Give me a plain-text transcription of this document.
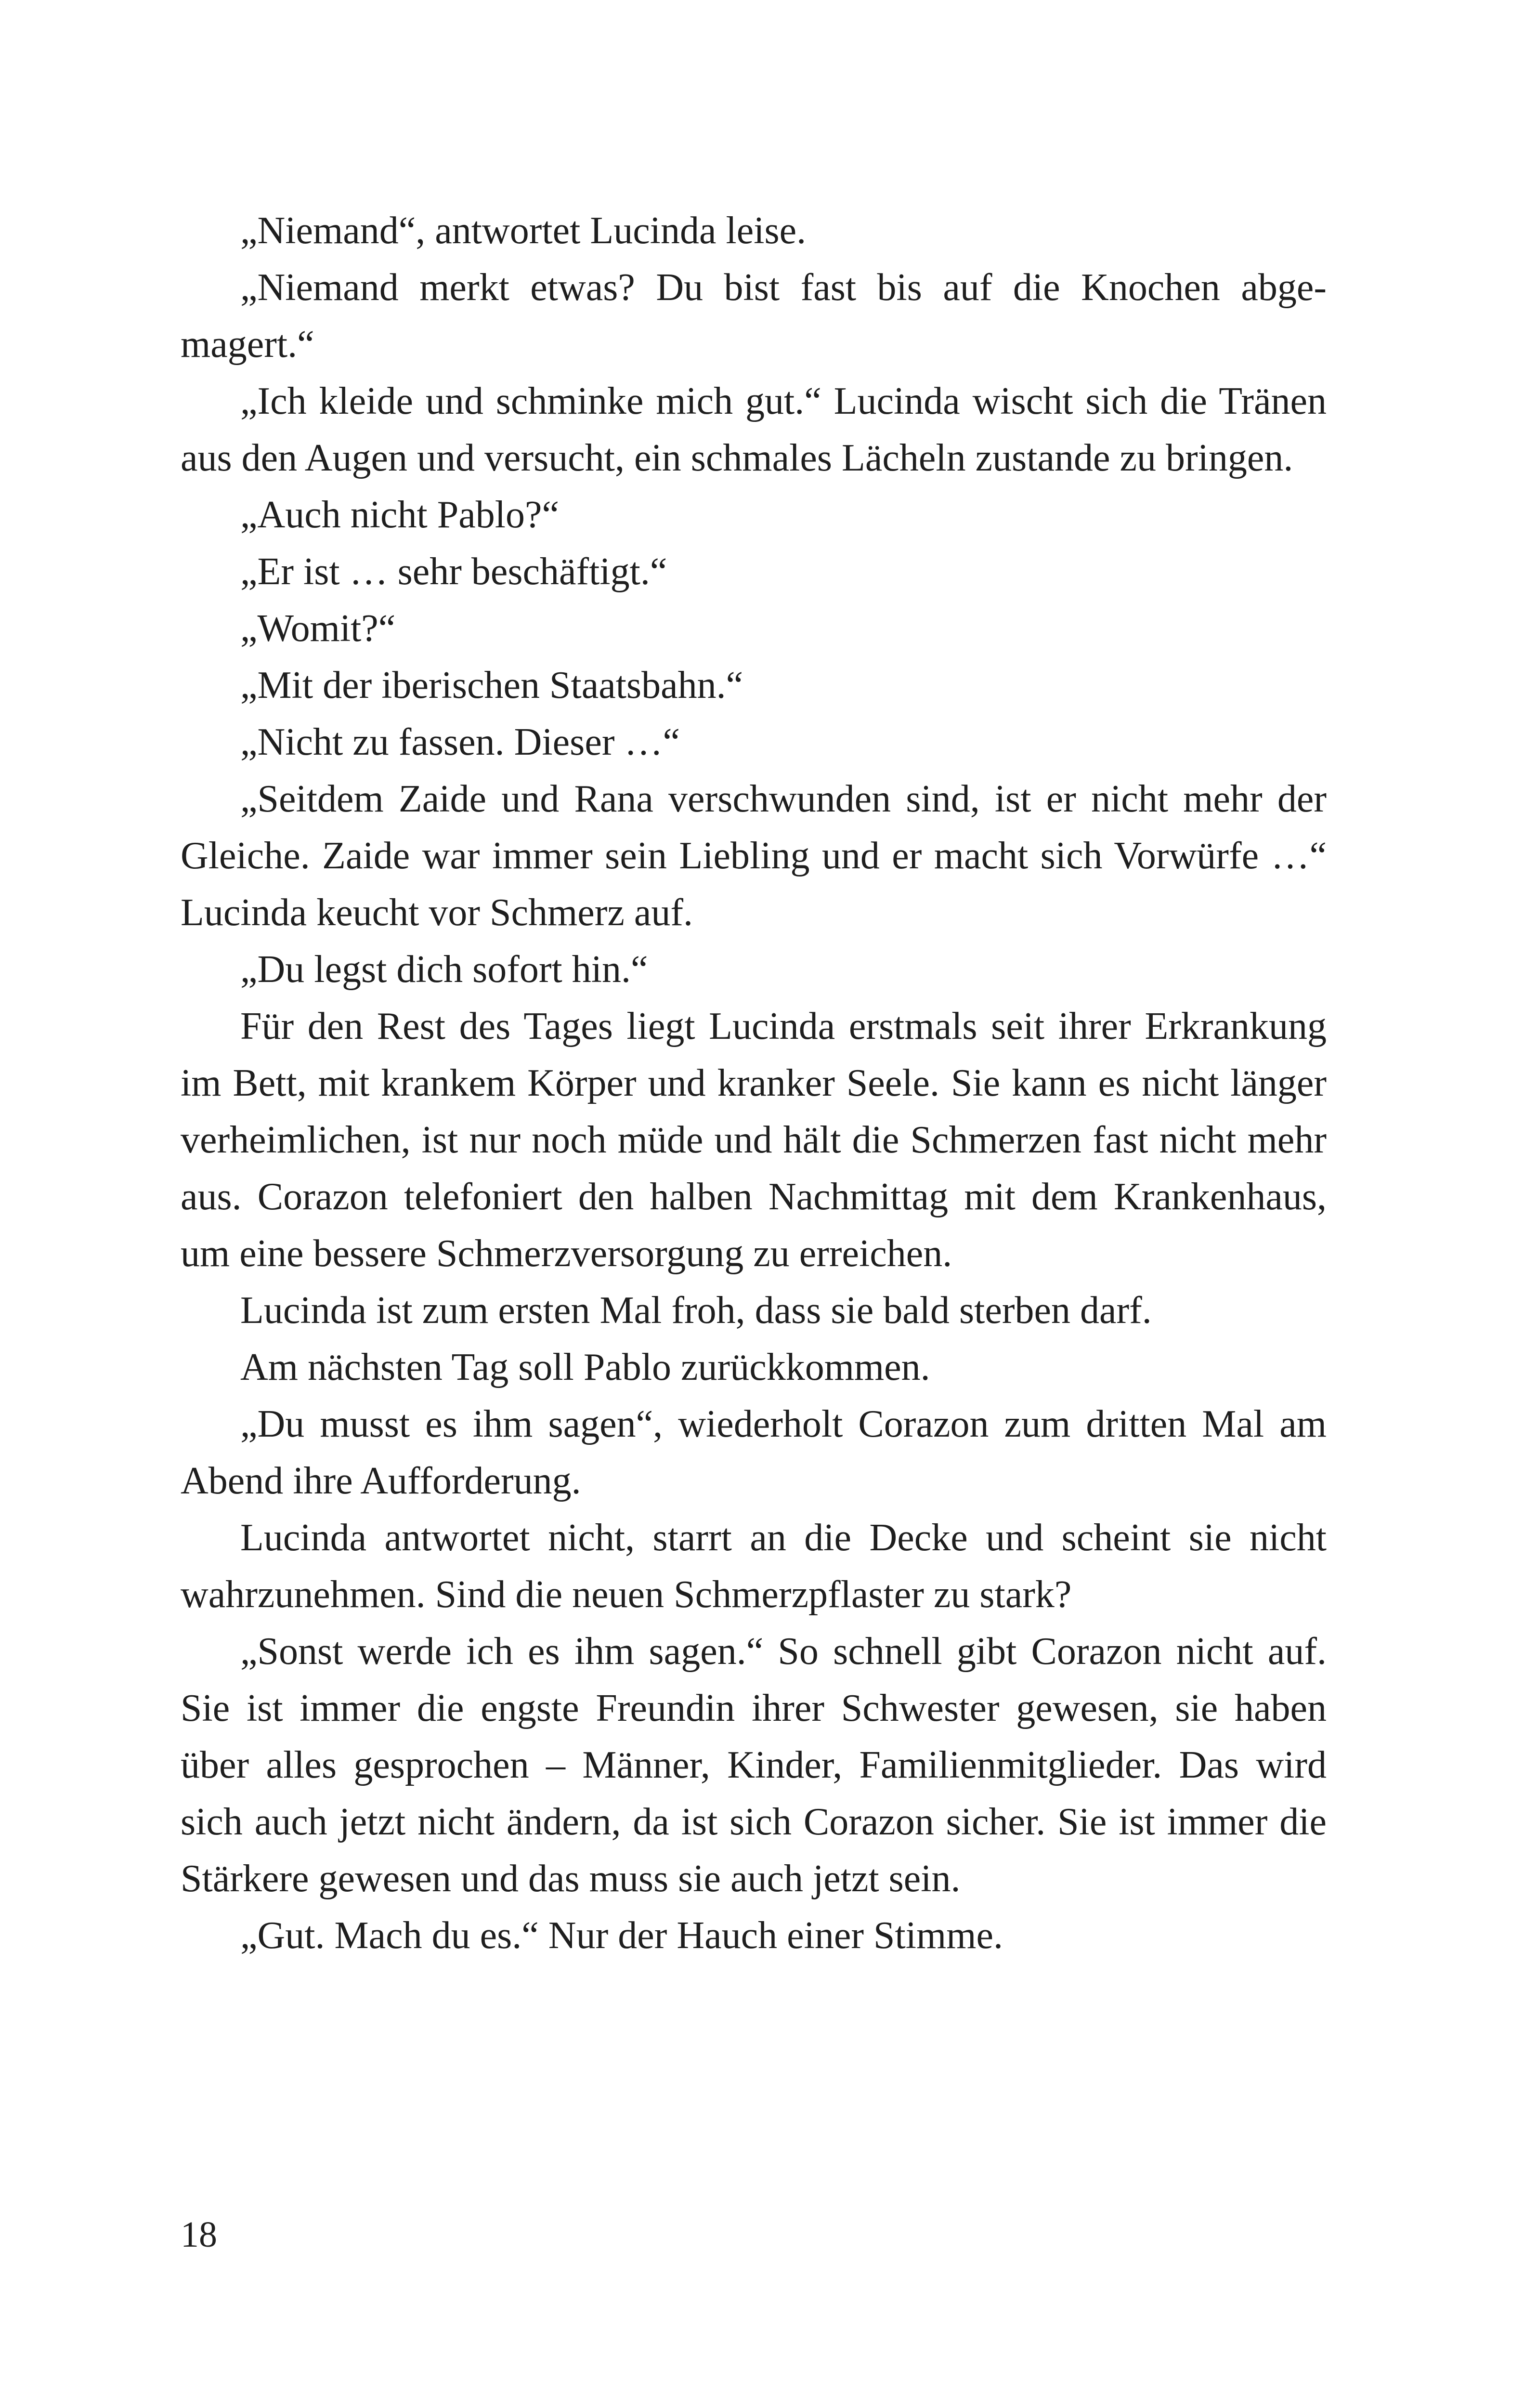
„Niemand“, antwortet Lucinda leise.

„Niemand merkt etwas? Du bist fast bis auf die Knochen abgemagert.“

„Ich kleide und schminke mich gut.“ Lucinda wischt sich die Tränen aus den Augen und versucht, ein schmales Lächeln zustande zu bringen.

„Auch nicht Pablo?“

„Er ist … sehr beschäftigt.“

„Womit?“

„Mit der iberischen Staatsbahn.“

„Nicht zu fassen. Dieser …“

„Seitdem Zaide und Rana verschwunden sind, ist er nicht mehr der Gleiche. Zaide war immer sein Liebling und er macht sich Vorwürfe …“ Lucinda keucht vor Schmerz auf.

„Du legst dich sofort hin.“

Für den Rest des Tages liegt Lucinda erstmals seit ihrer Erkrankung im Bett, mit krankem Körper und kranker Seele. Sie kann es nicht länger verheimlichen, ist nur noch müde und hält die Schmerzen fast nicht mehr aus. Corazon telefoniert den halben Nachmittag mit dem Krankenhaus, um eine bessere Schmerzversorgung zu erreichen.

Lucinda ist zum ersten Mal froh, dass sie bald sterben darf.

Am nächsten Tag soll Pablo zurückkommen.

„Du musst es ihm sagen“, wiederholt Corazon zum dritten Mal am Abend ihre Aufforderung.

Lucinda antwortet nicht, starrt an die Decke und scheint sie nicht wahrzunehmen. Sind die neuen Schmerzpflaster zu stark?

„Sonst werde ich es ihm sagen.“ So schnell gibt Corazon nicht auf. Sie ist immer die engste Freundin ihrer Schwester gewesen, sie haben über alles gesprochen – Männer, Kinder, Familienmitglieder. Das wird sich auch jetzt nicht ändern, da ist sich Corazon sicher. Sie ist immer die Stärkere gewesen und das muss sie auch jetzt sein.

„Gut. Mach du es.“ Nur der Hauch einer Stimme.

18
